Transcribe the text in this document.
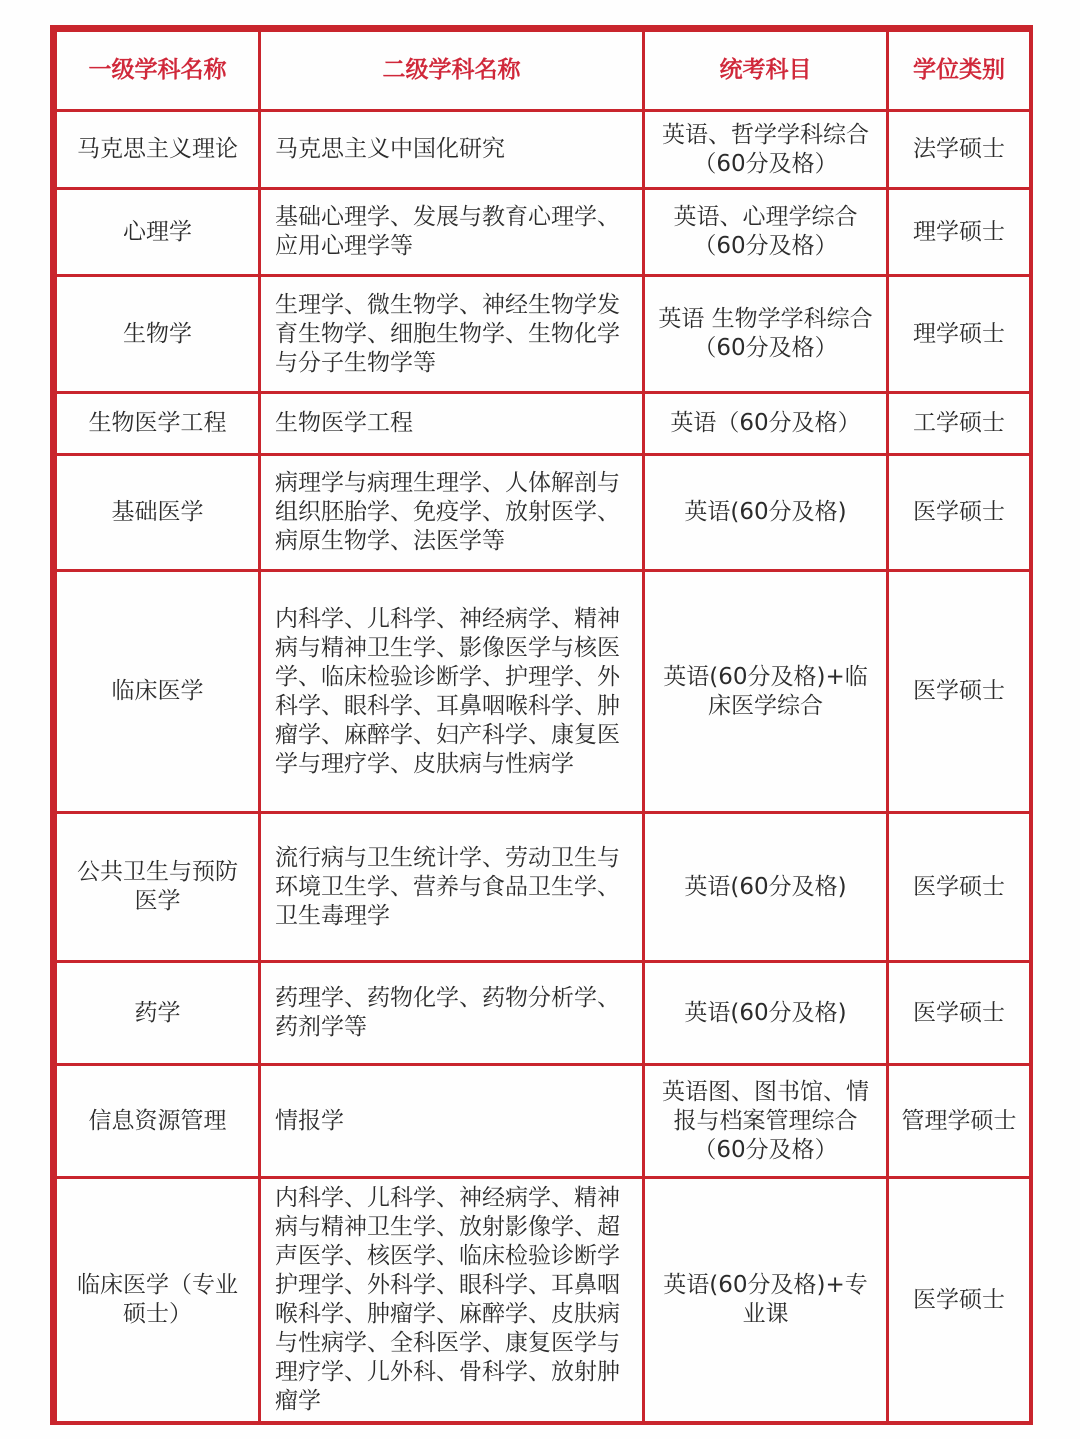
一级学科名称	二级学科名称	统考科目	学位类别
马克思主义理论	马克思主义中国化研究	英语、哲学学科综合（60分及格）	法学硕士
心理学	基础心理学、发展与教育心理学、应用心理学等	英语、心理学综合（60分及格）	理学硕士
生物学	生理学、微生物学、神经生物学发育生物学、细胞生物学、生物化学与分子生物学等	英语 生物学学科综合（60分及格）	理学硕士
生物医学工程	生物医学工程	英语（60分及格）	工学硕士
基础医学	病理学与病理生理学、人体解剖与组织胚胎学、免疫学、放射医学、病原生物学、法医学等	英语(60分及格)	医学硕士
临床医学	内科学、儿科学、神经病学、精神病与精神卫生学、影像医学与核医学、临床检验诊断学、护理学、外科学、眼科学、耳鼻咽喉科学、肿瘤学、麻醉学、妇产科学、康复医学与理疗学、皮肤病与性病学	英语(60分及格)+临床医学综合	医学硕士
公共卫生与预防医学	流行病与卫生统计学、劳动卫生与环境卫生学、营养与食品卫生学、卫生毒理学	英语(60分及格)	医学硕士
药学	药理学、药物化学、药物分析学、药剂学等	英语(60分及格)	医学硕士
信息资源管理	情报学	英语图、图书馆、情报与档案管理综合（60分及格）	管理学硕士
临床医学（专业硕士）	内科学、儿科学、神经病学、精神病与精神卫生学、放射影像学、超声医学、核医学、临床检验诊断学护理学、外科学、眼科学、耳鼻咽喉科学、肿瘤学、麻醉学、皮肤病与性病学、全科医学、康复医学与理疗学、儿外科、骨科学、放射肿瘤学	英语(60分及格)+专业课	医学硕士
